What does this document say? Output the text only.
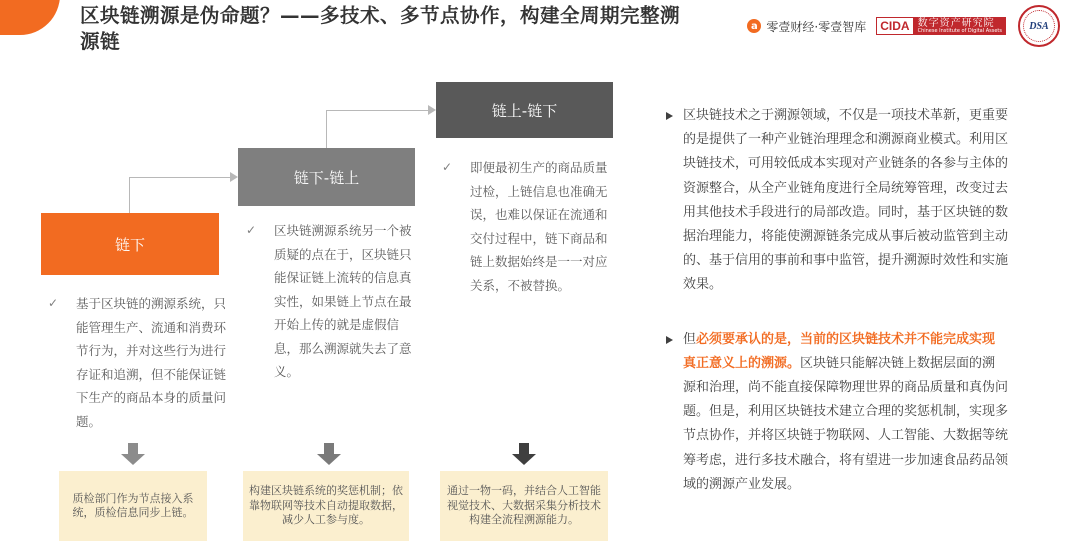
区块链溯源是伪命题？——多技术、多节点协作，构建全周期完整溯源链
a 零壹财经·零壹智库	CIDA 数字资产研究院
Chinese Institute of Digital Assets	DSA
链下
链下-链上
链上-链下
✓	基于区块链的溯源系统，只能管理生产、流通和消费环节行为，并对这些行为进行存证和追溯，但不能保证链下生产的商品本身的质量问题。
✓	区块链溯源系统另一个被质疑的点在于，区块链只能保证链上流转的信息真实性，如果链上节点在最开始上传的就是虚假信息，那么溯源就失去了意义。
✓	即便最初生产的商品质量过检，上链信息也准确无误，也难以保证在流通和交付过程中，链下商品和链上数据始终是一一对应关系，不被替换。
质检部门作为节点接入系统，质检信息同步上链。
构建区块链系统的奖惩机制；依靠物联网等技术自动提取数据，减少人工参与度。
通过一物一码，并结合人工智能视觉技术、大数据采集分析技术构建全流程溯源能力。
区块链技术之于溯源领域，不仅是一项技术革新，更重要的是提供了一种产业链治理理念和溯源商业模式。利用区块链技术，可用较低成本实现对产业链条的各参与主体的资源整合，从全产业链角度进行全局统筹管理，改变过去用其他技术手段进行的局部改造。同时，基于区块链的数据治理能力，将能使溯源链条完成从事后被动监管到主动的、基于信用的事前和事中监管，提升溯源时效性和实施效果。
但必须要承认的是，当前的区块链技术并不能完成实现真正意义上的溯源。区块链只能解决链上数据层面的溯源和治理，尚不能直接保障物理世界的商品质量和真伪问题。但是，利用区块链技术建立合理的奖惩机制，实现多节点协作，并将区块链于物联网、人工智能、大数据等统筹考虑，进行多技术融合，将有望进一步加速食品药品领域的溯源产业发展。
